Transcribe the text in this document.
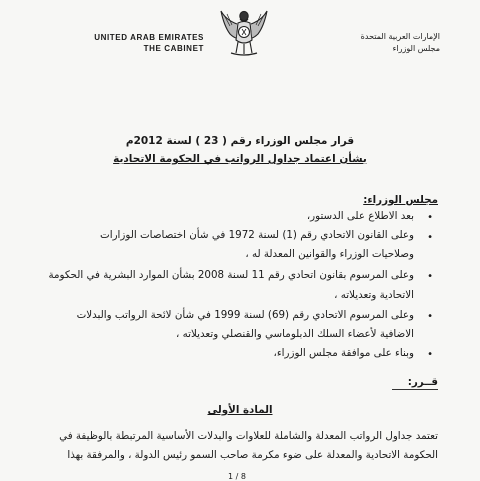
UNITED ARAB EMIRATES
THE CABINET
الإمارات العربية المتحدة
مجلس الوزراء
قرار مجلس الوزراء رقم ( 23 ) لسنة 2012م
بشأن اعتماد جداول الرواتب في الحكومة الاتحادية
مجلس الوزراء:
•
بعد الاطلاع على الدستور،
•
وعلى القانون الاتحادي رقم (1) لسنة 1972 في شأن اختصاصات الوزارات
وصلاحيات الوزراء والقوانين المعدلة له ،
•
وعلى المرسوم بقانون اتحادي رقم 11 لسنة 2008 بشأن الموارد البشرية في الحكومة
الاتحادية وتعديلاته ،
•
وعلى المرسوم الاتحادي رقم (69) لسنة 1999 في شأن لائحة الرواتب والبدلات
الاضافية لأعضاء السلك الدبلوماسي والقنصلي وتعديلاته ،
•
وبناء على موافقة مجلس الوزراء،
قــرر:
المادة الأولى
تعتمد جداول الرواتب المعدلة والشاملة للعلاوات والبدلات الأساسية المرتبطة بالوظيفة في
الحكومة الاتحادية والمعدلة على ضوء مكرمة صاحب السمو رئيس الدولة ، والمرفقة بهذا
1 / 8
